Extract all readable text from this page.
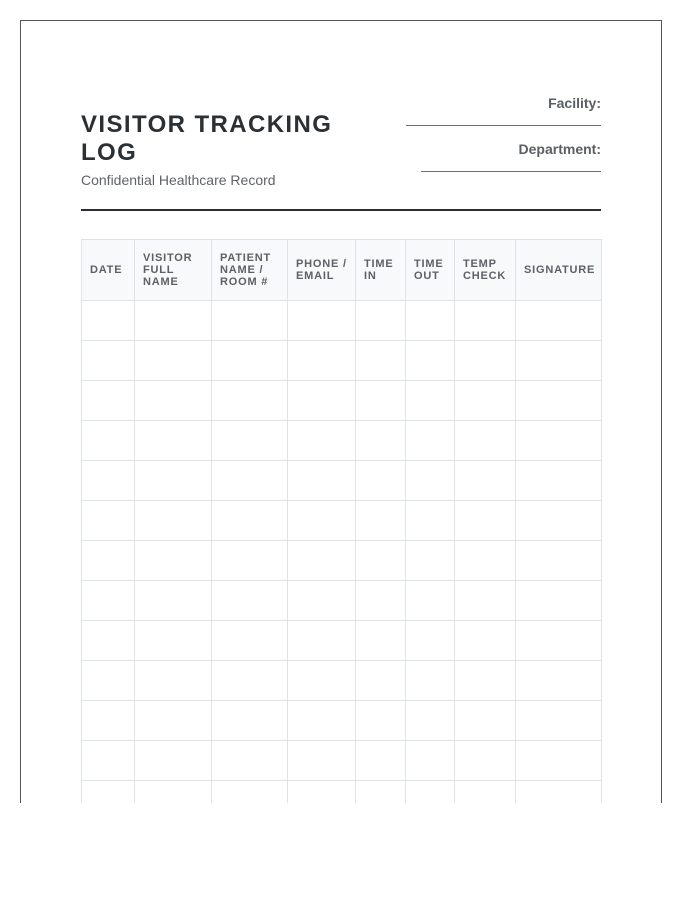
VISITOR TRACKING LOG
Confidential Healthcare Record
Facility:
Department:
DATE	VISITOR FULL NAME	PATIENT NAME / ROOM #	PHONE / EMAIL	TIME IN	TIME OUT	TEMP CHECK	SIGNATURE
